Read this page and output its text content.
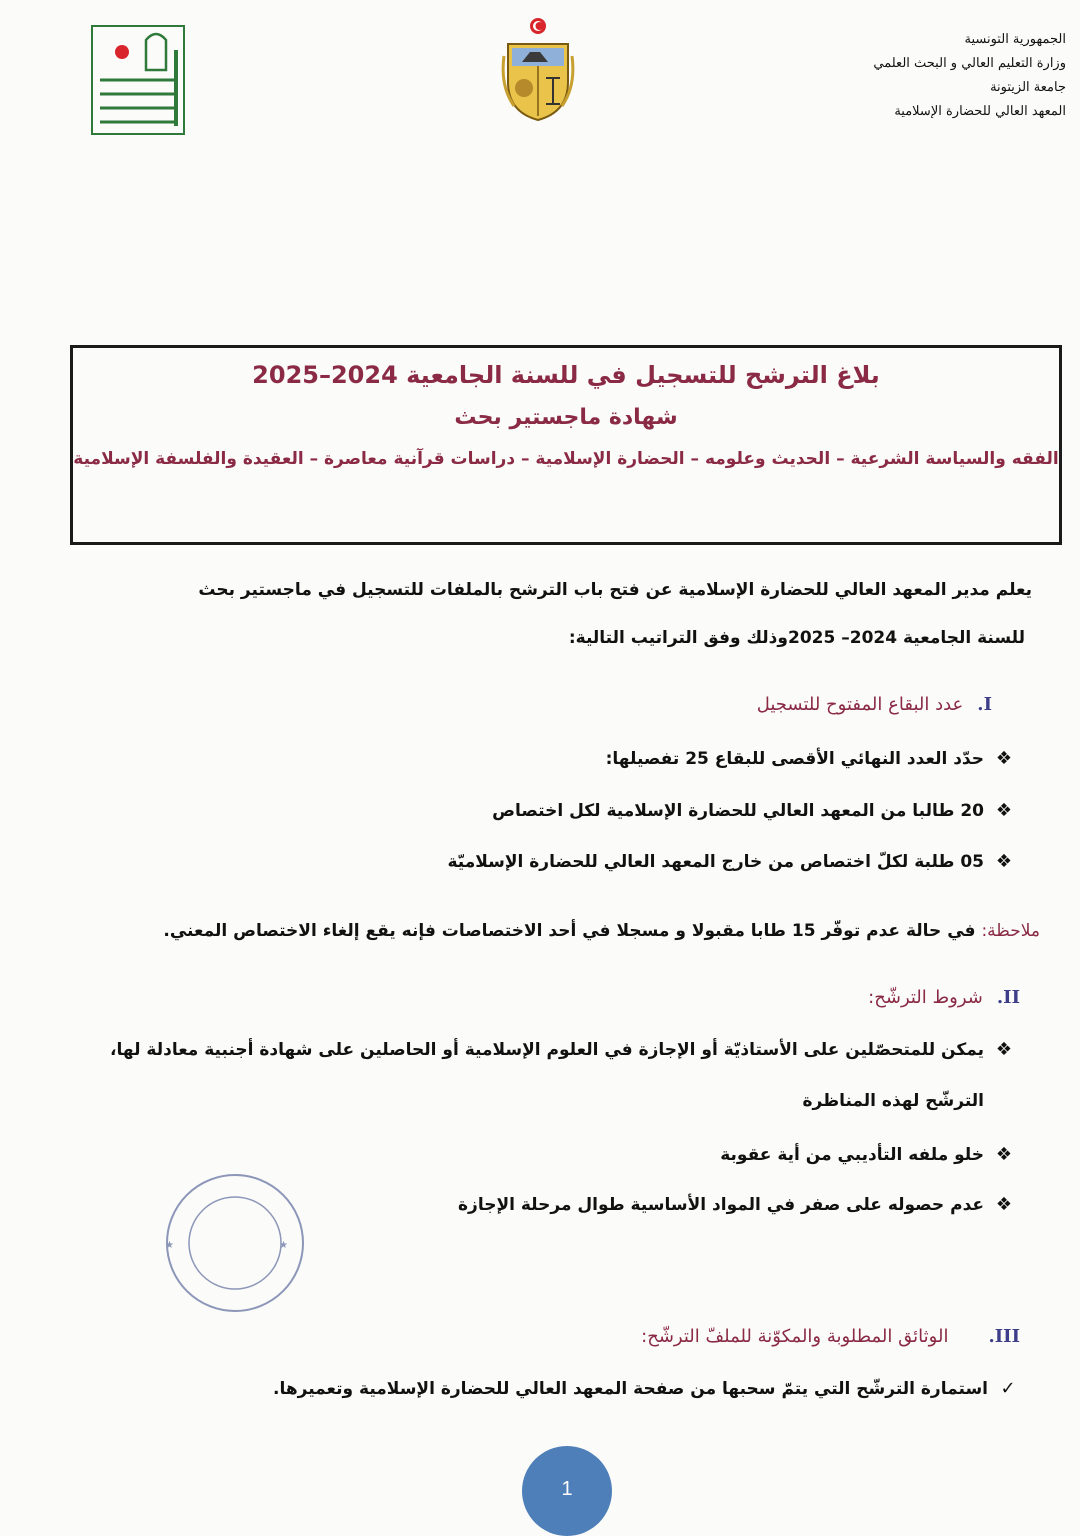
الجمهورية التونسية
وزارة التعليم العالي و البحث العلمي
جامعة الزيتونة
المعهد العالي للحضارة الإسلامية
بلاغ الترشح للتسجيل في للسنة الجامعية 2024–2025
شهادة ماجستير بحث
الفقه والسياسة الشرعية – الحديث وعلومه – الحضارة الإسلامية – دراسات قرآنية معاصرة – العقيدة والفلسفة الإسلامية
يعلم مدير المعهد العالي للحضارة الإسلامية عن فتح باب الترشح بالملفات للتسجيل في ماجستير بحث
للسنة الجامعية 2024– 2025وذلك وفق التراتيب التالية:
I.عدد البقاع المفتوح للتسجيل
❖حدّد العدد النهائي الأقصى للبقاع 25 تفصيلها:
❖20 طالبا من المعهد العالي للحضارة الإسلامية لكل اختصاص
❖05 طلبة لكلّ اختصاص من خارج المعهد العالي للحضارة الإسلاميّة
ملاحظة: في حالة عدم توفّر 15 طابا مقبولا و مسجلا في أحد الاختصاصات فإنه يقع إلغاء الاختصاص المعني.
II.شروط الترشّح:
❖يمكن للمتحصّلين على الأستاذيّة أو الإجازة في العلوم الإسلامية أو الحاصلين على شهادة أجنبية معادلة لها،
الترشّح لهذه المناظرة
❖خلو ملفه التأديبي من أية عقوبة
❖عدم حصوله على صفر في المواد الأساسية طوال مرحلة الإجازة
★	★
III.الوثائق المطلوبة والمكوّنة للملفّ الترشّح:
✓استمارة الترشّح التي يتمّ سحبها من صفحة المعهد العالي للحضارة الإسلامية وتعميرها.
1
